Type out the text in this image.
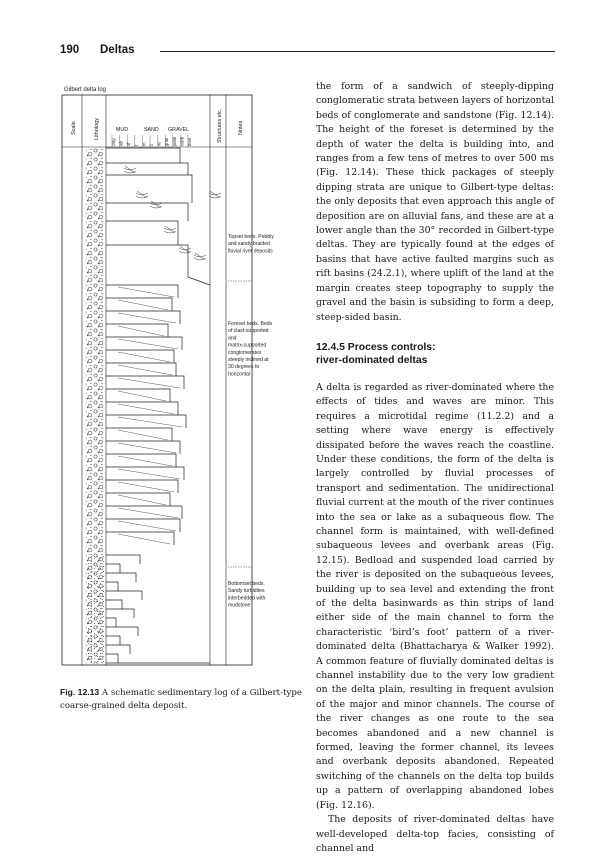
190 Deltas
Gilbert delta log
Scale	Lithology	Structures etc.	Notes
MUD	SAND GRAVEL
clay silt vf f m c vc gran pebb cobb boul
Topset beds. Pebbly
and sandy braided
fluvial river deposits
Foreset beds. Beds
of clast-supported
and
matrix-supported
conglomerates
steeply inclined at
30 degrees to
horizontal
Bottomset beds.
Sandy turbidites
interbedded with
mudstone
Fig. 12.13 A schematic sedimentary log of a Gilbert-type coarse-grained delta deposit.

the form of a sandwich of steeply-dipping conglomeratic strata between layers of horizontal beds of conglomerate and sandstone (Fig. 12.14). The height of the foreset is determined by the depth of water the delta is building into, and ranges from a few tens of metres to over 500 ms (Fig. 12.14). These thick packages of steeply dipping strata are unique to Gilbert-type deltas: the only deposits that even approach this angle of deposition are on alluvial fans, and these are at a lower angle than the 30° recorded in Gilbert-type deltas. They are typically found at the edges of basins that have active faulted margins such as rift basins (24.2.1), where uplift of the land at the margin creates steep topography to supply the gravel and the basin is subsiding to form a deep, steep-sided basin.

12.4.5 Process controls:
river-dominated deltas

A delta is regarded as river-dominated where the effects of tides and waves are minor. This requires a microtidal regime (11.2.2) and a setting where wave energy is effectively dissipated before the waves reach the coastline. Under these conditions, the form of the delta is largely controlled by fluvial processes of transport and sedimentation. The unidirectional fluvial current at the mouth of the river continues into the sea or lake as a subaqueous flow. The channel form is maintained, with well-defined subaqueous levees and overbank areas (Fig. 12.15). Bedload and suspended load carried by the river is deposited on the subaqueous levees, building up to sea level and extending the front of the delta basinwards as thin strips of land either side of the main channel to form the characteristic ‘bird’s foot’ pattern of a river-dominated delta (Bhattacharya & Walker 1992). A common feature of fluvially dominated deltas is channel instability due to the very low gradient on the delta plain, resulting in frequent avulsion of the major and minor channels. The course of the river changes as one route to the sea becomes abandoned and a new channel is formed, leaving the former channel, its levees and overbank deposits abandoned. Repeated switching of the channels on the delta top builds up a pattern of overlapping abandoned lobes (Fig. 12.16).

The deposits of river-dominated deltas have well-developed delta-top facies, consisting of channel and
